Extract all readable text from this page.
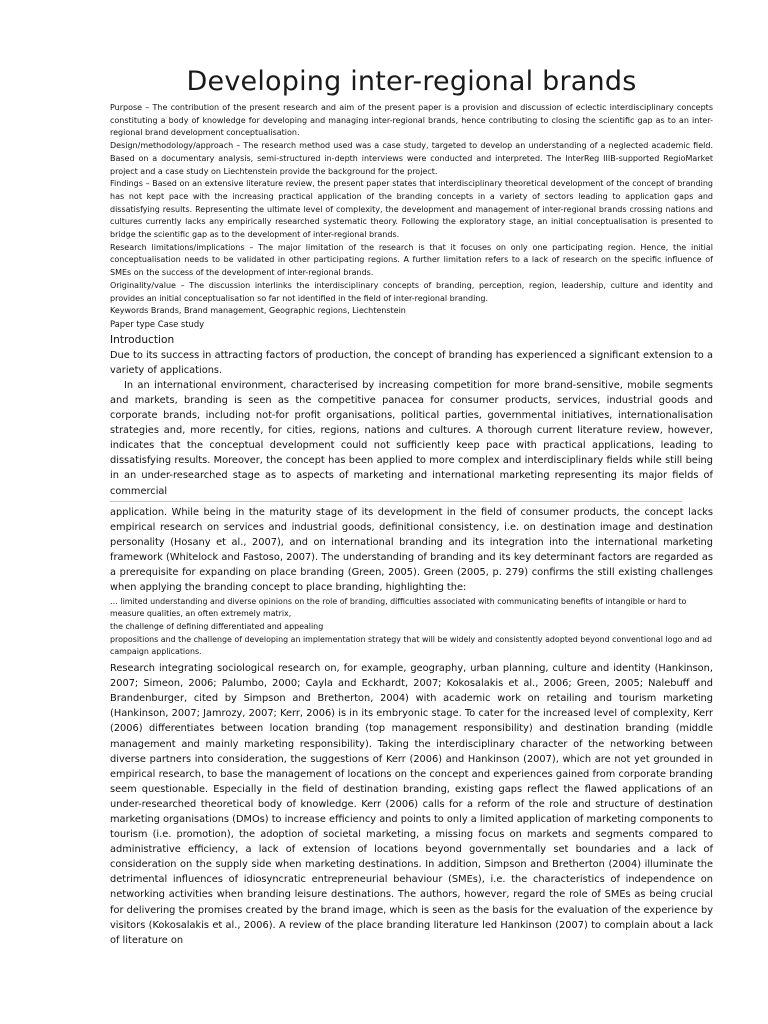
Developing inter-regional brands

Purpose – The contribution of the present research and aim of the present paper is a provision and discussion of eclectic interdisciplinary concepts constituting a body of knowledge for developing and managing inter-regional brands, hence contributing to closing the scientific gap as to an inter-regional brand development conceptualisation.

Design/methodology/approach – The research method used was a case study, targeted to develop an understanding of a neglected academic field. Based on a documentary analysis, semi-structured in-depth interviews were conducted and interpreted. The InterReg IIIB-supported RegioMarket project and a case study on Liechtenstein provide the background for the project.

Findings – Based on an extensive literature review, the present paper states that interdisciplinary theoretical development of the concept of branding has not kept pace with the increasing practical application of the branding concepts in a variety of sectors leading to application gaps and dissatisfying results. Representing the ultimate level of complexity, the development and management of inter-regional brands crossing nations and cultures currently lacks any empirically researched systematic theory. Following the exploratory stage, an initial conceptualisation is presented to bridge the scientific gap as to the development of inter-regional brands.

Research limitations/implications – The major limitation of the research is that it focuses on only one participating region. Hence, the initial conceptualisation needs to be validated in other participating regions. A further limitation refers to a lack of research on the specific influence of SMEs on the success of the development of inter-regional brands.

Originality/value – The discussion interlinks the interdisciplinary concepts of branding, perception, region, leadership, culture and identity and provides an initial conceptualisation so far not identified in the field of inter-regional branding.

Keywords Brands, Brand management, Geographic regions, Liechtenstein

Paper type Case study

Introduction

Due to its success in attracting factors of production, the concept of branding has experienced a significant extension to a variety of applications.

In an international environment, characterised by increasing competition for more brand-sensitive, mobile segments and markets, branding is seen as the competitive panacea for consumer products, services, industrial goods and corporate brands, including not-for profit organisations, political parties, governmental initiatives, internationalisation strategies and, more recently, for cities, regions, nations and cultures. A thorough current literature review, however, indicates that the conceptual development could not sufficiently keep pace with practical applications, leading to dissatisfying results. Moreover, the concept has been applied to more complex and interdisciplinary fields while still being in an under-researched stage as to aspects of marketing and international marketing representing its major fields of commercial

application. While being in the maturity stage of its development in the field of consumer products, the concept lacks empirical research on services and industrial goods, definitional consistency, i.e. on destination image and destination personality (Hosany et al., 2007), and on international branding and its integration into the international marketing framework (Whitelock and Fastoso, 2007). The understanding of branding and its key determinant factors are regarded as a prerequisite for expanding on place branding (Green, 2005). Green (2005, p. 279) confirms the still existing challenges when applying the branding concept to place branding, highlighting the:

… limited understanding and diverse opinions on the role of branding, difficulties associated with communicating benefits of intangible or hard to measure qualities, an often extremely matrix,

the challenge of defining differentiated and appealing

propositions and the challenge of developing an implementation strategy that will be widely and consistently adopted beyond conventional logo and ad campaign applications.

Research integrating sociological research on, for example, geography, urban planning, culture and identity (Hankinson, 2007; Simeon, 2006; Palumbo, 2000; Cayla and Eckhardt, 2007; Kokosalakis et al., 2006; Green, 2005; Nalebuff and Brandenburger, cited by Simpson and Bretherton, 2004) with academic work on retailing and tourism marketing (Hankinson, 2007; Jamrozy, 2007; Kerr, 2006) is in its embryonic stage. To cater for the increased level of complexity, Kerr (2006) differentiates between location branding (top management responsibility) and destination branding (middle management and mainly marketing responsibility). Taking the interdisciplinary character of the networking between diverse partners into consideration, the suggestions of Kerr (2006) and Hankinson (2007), which are not yet grounded in empirical research, to base the management of locations on the concept and experiences gained from corporate branding seem questionable. Especially in the field of destination branding, existing gaps reflect the flawed applications of an under-researched theoretical body of knowledge. Kerr (2006) calls for a reform of the role and structure of destination marketing organisations (DMOs) to increase efficiency and points to only a limited application of marketing components to tourism (i.e. promotion), the adoption of societal marketing, a missing focus on markets and segments compared to administrative efficiency, a lack of extension of locations beyond governmentally set boundaries and a lack of consideration on the supply side when marketing destinations. In addition, Simpson and Bretherton (2004) illuminate the detrimental influences of idiosyncratic entrepreneurial behaviour (SMEs), i.e. the characteristics of independence on networking activities when branding leisure destinations. The authors, however, regard the role of SMEs as being crucial for delivering the promises created by the brand image, which is seen as the basis for the evaluation of the experience by visitors (Kokosalakis et al., 2006). A review of the place branding literature led Hankinson (2007) to complain about a lack of literature on
